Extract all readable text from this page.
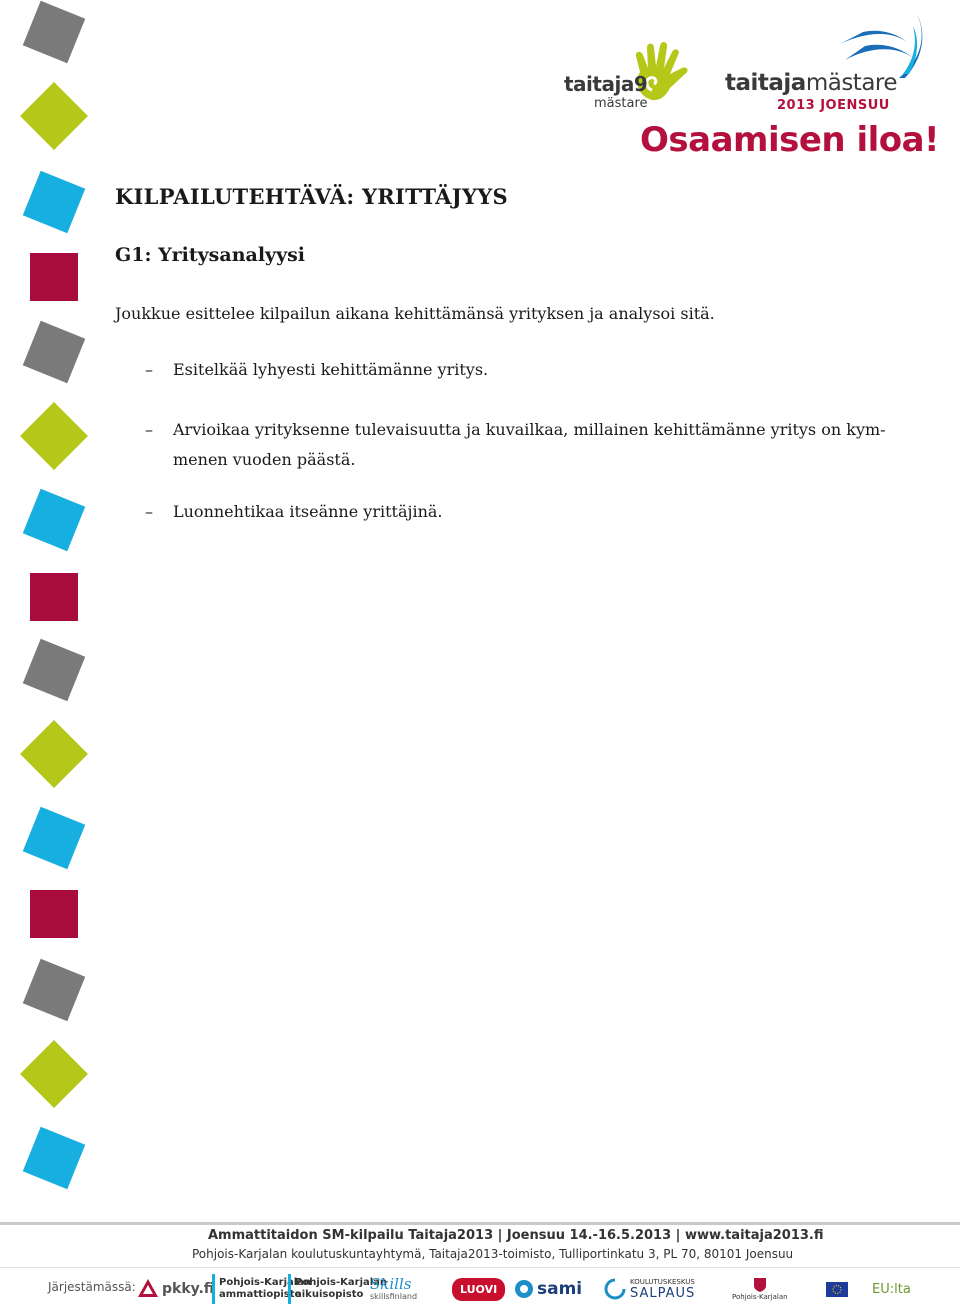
taitaja9
mästare
taitajamästare
2013 JOENSUU
Osaamisen iloa!
KILPAILUTEHTÄVÄ: YRITTÄJYYS
G1: Yritysanalyysi

Joukkue esittelee kilpailun aikana kehittämänsä yrityksen ja analysoi sitä.

– Esitelkää lyhyesti kehittämänne yritys.
– Arvioikaa yrityksenne tulevaisuutta ja kuvailkaa, millainen kehittämänne yritys on kym-
menen vuoden päästä.
– Luonnehtikaa itseänne yrittäjinä.
Ammattitaidon SM-kilpailu Taitaja2013 | Joensuu 14.-16.5.2013 | www.taitaja2013.fi
Pohjois-Karjalan koulutuskuntayhtymä, Taitaja2013-toimisto, Tulliportinkatu 3, PL 70, 80101 Joensuu
Järjestämässä: pkky.fi Pohjois-Karjalan
ammattiopisto
Pohjois-Karjalan
aikuisopisto
Skills
skillsfinland
LUOVI	sami	KOULUTUSKESKUS
SALPAUS	Pohjois-Karjalan	EU:lta
